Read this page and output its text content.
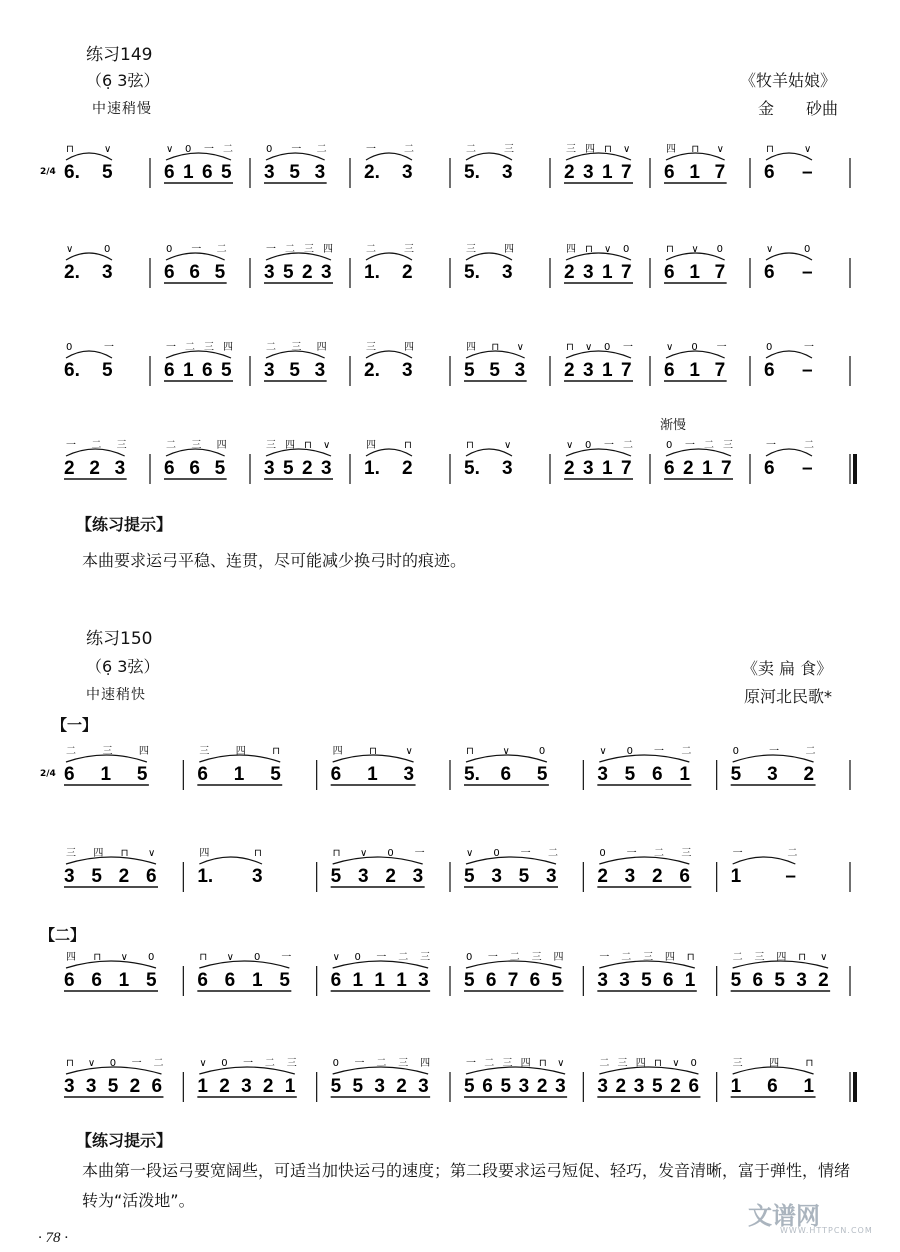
练习149
（6̣ 3弦）
中速稍慢
《牧羊姑娘》
金　　砂曲
2/4 6.
⊓
5
∨
6
∨
1
0
6
一
5
二
3
0
5
一
3
二
2.
一
3
二
5.
二
3
三
2
三
3
四
1
⊓
7
∨
6
四
1
⊓
7
∨
6
⊓
–
∨
2.
∨
3
0
6
0
6
一
5
二
3
一
5
二
2
三
3
四
1.
二
2
三
5.
三
3
四
2
四
3
⊓
1
∨
7
0
6
⊓
1
∨
7
0
6
∨
–
0
6.
0
5
一
6
一
1
二
6
三
5
四
3
二
5
三
3
四
2.
三
3
四
5
四
5
⊓
3
∨
2
⊓
3
∨
1
0
7
一
6
∨
1
0
7
一
6
0
–
一
2
一
2
二
3
三
6
二
6
三
5
四
3
三
5
四
2
⊓
3
∨
1.
四
2
⊓
5.
⊓
3
∨
2
∨
3
0
1
一
7
二
6
0
2
一
1
二
7
三
6
一
–
二
渐慢
【练习提示】
本曲要求运弓平稳、连贯，尽可能减少换弓时的痕迹。
练习150
（6̣ 3弦）
中速稍快
《卖 扁 食》
原河北民歌*
【一】
2/4 6
二
1
三
5
四
6
三
1
四
5
⊓
6
四
1
⊓
3
∨
5.
⊓
6
∨
5
0
3
∨
5
0
6
一
1
二
5
0
3
一
2
二
3
三
5
四
2
⊓
6
∨
1.
四
3
⊓
5
⊓
3
∨
2
0
3
一
5
∨
3
0
5
一
3
二
2
0
3
一
2
二
6
三
1
一
–
二
【二】
6
四
6
⊓
1
∨
5
0
6
⊓
6
∨
1
0
5
一
6
∨
1
0
1
一
1
二
3
三
5
0
6
一
7
二
6
三
5
四
3
一
3
二
5
三
6
四
1
⊓
5
二
6
三
5
四
3
⊓
2
∨
3
⊓
3
∨
5
0
2
一
6
二
1
∨
2
0
3
一
2
二
1
三
5
0
5
一
3
二
2
三
3
四
5
一
6
二
5
三
3
四
2
⊓
3
∨
3
二
2
三
3
四
5
⊓
2
∨
6
0
1
三
6
四
1
⊓
【练习提示】
本曲第一段运弓要宽阔些，可适当加快运弓的速度；第二段要求运弓短促、轻巧，发音清晰，富于弹性，情绪转为“活泼地”。
· 78 ·
文谱网
WWW.HTTPCN.COM
